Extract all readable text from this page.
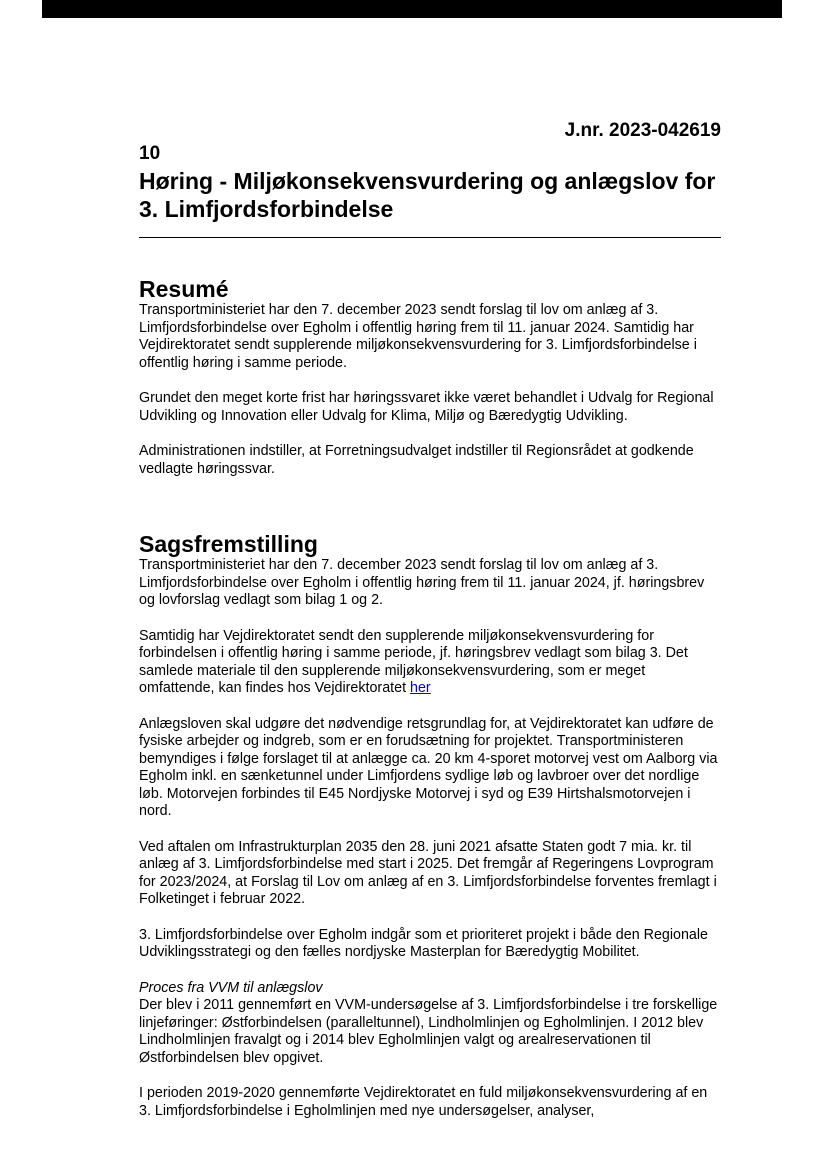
J.nr. 2023-042619
10
Høring - Miljøkonsekvensvurdering og anlægslov for 3. Limfjordsforbindelse
Resumé

Transportministeriet har den 7. december 2023 sendt forslag til lov om anlæg af 3. Limfjordsforbindelse over Egholm i offentlig høring frem til 11. januar 2024. Samtidig har Vejdirektoratet sendt supplerende miljøkonsekvensvurdering for 3. Limfjordsforbindelse i offentlig høring i samme periode.

Grundet den meget korte frist har høringssvaret ikke været behandlet i Udvalg for Regional Udvikling og Innovation eller Udvalg for Klima, Miljø og Bæredygtig Udvikling.

Administrationen indstiller, at Forretningsudvalget indstiller til Regionsrådet at godkende vedlagte høringssvar.

Sagsfremstilling

Transportministeriet har den 7. december 2023 sendt forslag til lov om anlæg af 3. Limfjordsforbindelse over Egholm i offentlig høring frem til 11. januar 2024, jf. høringsbrev og lovforslag vedlagt som bilag 1 og 2.

Samtidig har Vejdirektoratet sendt den supplerende miljøkonsekvensvurdering for forbindelsen i offentlig høring i samme periode, jf. høringsbrev vedlagt som bilag 3. Det samlede materiale til den supplerende miljøkonsekvensvurdering, som er meget omfattende, kan findes hos Vejdirektoratet her

Anlægsloven skal udgøre det nødvendige retsgrundlag for, at Vejdirektoratet kan udføre de fysiske arbejder og indgreb, som er en forudsætning for projektet. Transportministeren bemyndiges i følge forslaget til at anlægge ca. 20 km 4-sporet motorvej vest om Aalborg via Egholm inkl. en sænketunnel under Limfjordens sydlige løb og lavbroer over det nordlige løb. Motorvejen forbindes til E45 Nordjyske Motorvej i syd og E39 Hirtshalsmotorvejen i nord.

Ved aftalen om Infrastrukturplan 2035 den 28. juni 2021 afsatte Staten godt 7 mia. kr. til anlæg af 3. Limfjordsforbindelse med start i 2025. Det fremgår af Regeringens Lovprogram for 2023/2024, at Forslag til Lov om anlæg af en 3. Limfjordsforbindelse forventes fremlagt i Folketinget i februar 2022.

3. Limfjordsforbindelse over Egholm indgår som et prioriteret projekt i både den Regionale Udviklingsstrategi og den fælles nordjyske Masterplan for Bæredygtig Mobilitet.

Proces fra VVM til anlægslov

Der blev i 2011 gennemført en VVM-undersøgelse af 3. Limfjordsforbindelse i tre forskellige linjeføringer: Østforbindelsen (paralleltunnel), Lindholmlinjen og Egholmlinjen. I 2012 blev Lindholmlinjen fravalgt og i 2014 blev Egholmlinjen valgt og arealreservationen til Østforbindelsen blev opgivet.

I perioden 2019-2020 gennemførte Vejdirektoratet en fuld miljøkonsekvensvurdering af en 3. Limfjordsforbindelse i Egholmlinjen med nye undersøgelser, analyser,
